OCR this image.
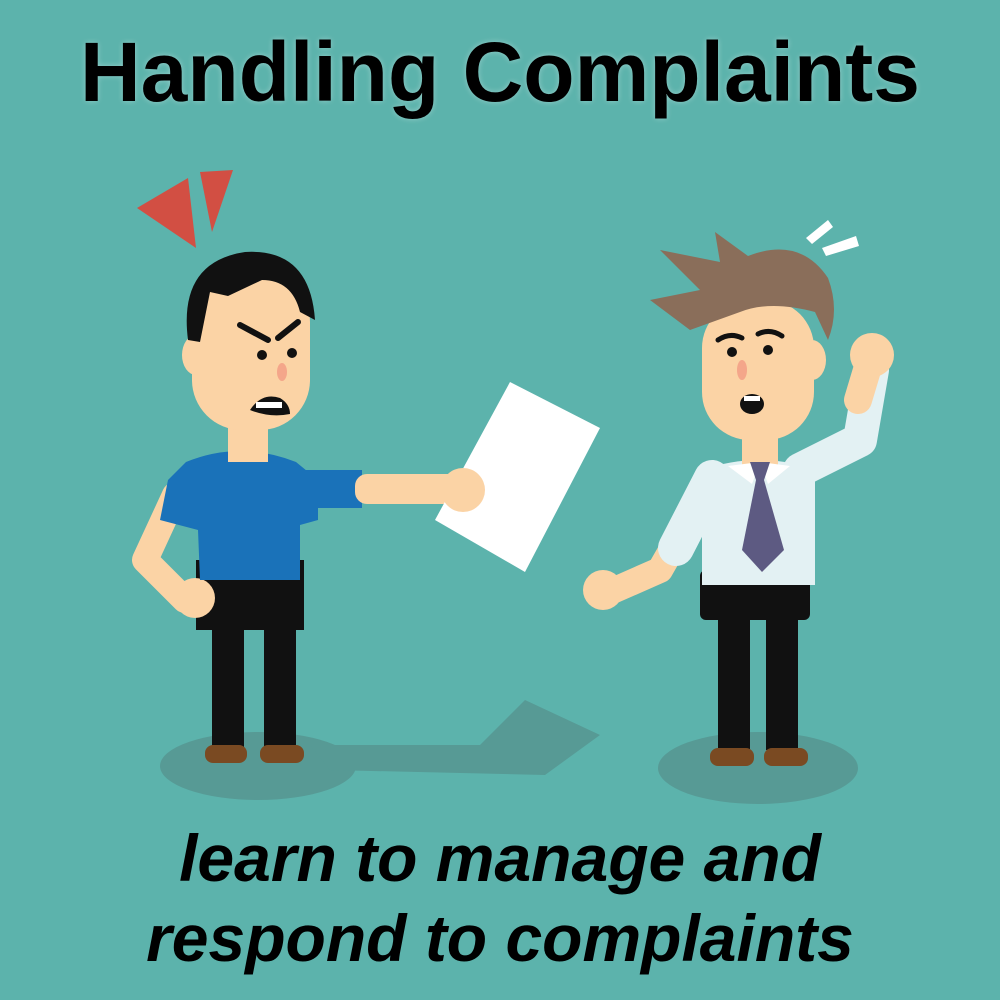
Handling Complaints
learn to manage and
respond to complaints
